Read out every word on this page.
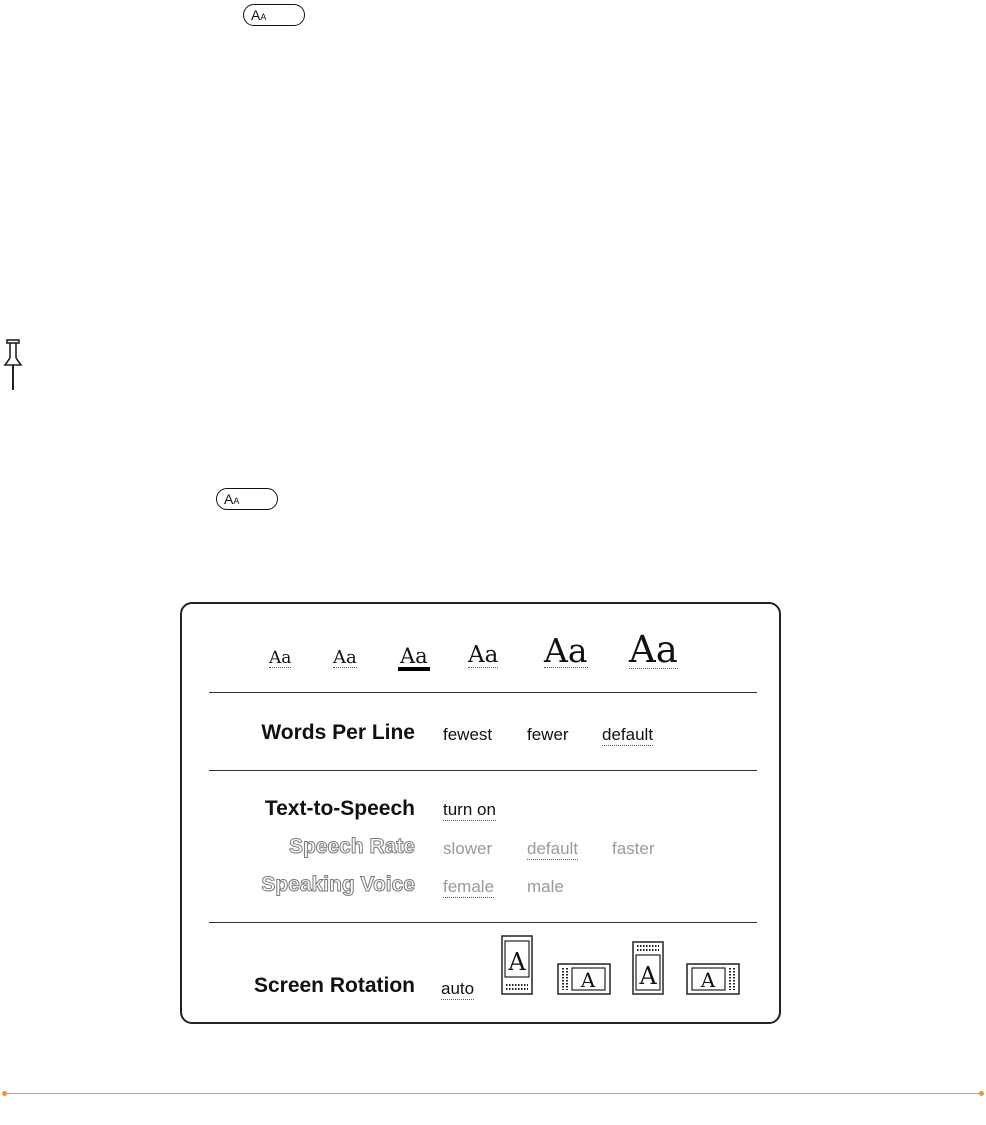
AA
AA
Aa Aa Aa Aa Aa Aa
Words Per Line fewest fewer default
Text-to-Speech turn on
Speech Rate slower default faster
Speaking Voice female male
Screen Rotation auto
A
A A A
